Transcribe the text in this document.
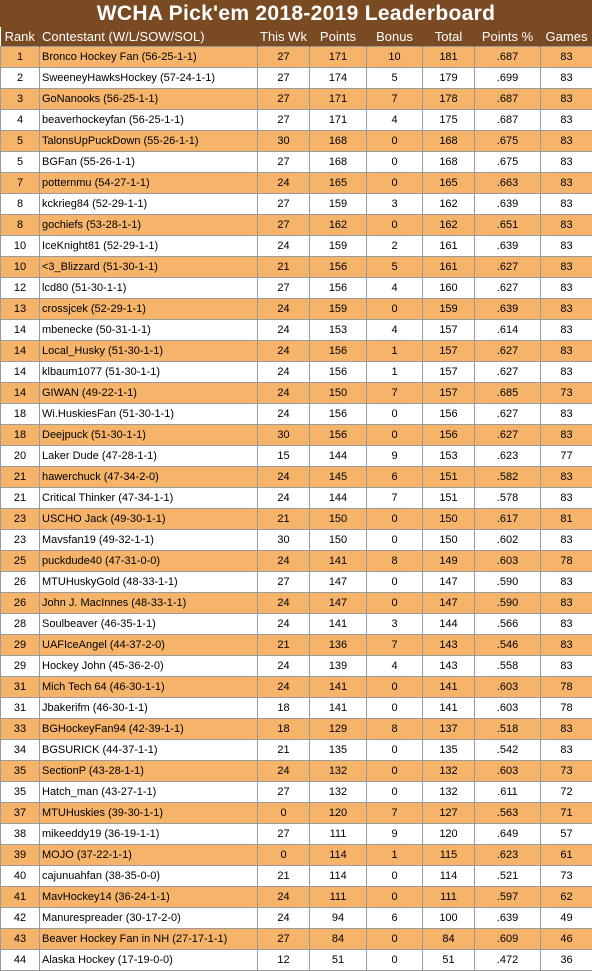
WCHA Pick'em 2018-2019 Leaderboard
Rank	Contestant (W/L/SOW/SOL)	This Wk	Points	Bonus	Total	Points %	Games
1	Bronco Hockey Fan (56-25-1-1)	27	171	10	181	.687	83
2	SweeneyHawksHockey (57-24-1-1)	27	174	5	179	.699	83
3	GoNanooks (56-25-1-1)	27	171	7	178	.687	83
4	beaverhockeyfan (56-25-1-1)	27	171	4	175	.687	83
5	TalonsUpPuckDown (55-26-1-1)	30	168	0	168	.675	83
5	BGFan (55-26-1-1)	27	168	0	168	.675	83
7	potternmu (54-27-1-1)	24	165	0	165	.663	83
8	kckrieg84 (52-29-1-1)	27	159	3	162	.639	83
8	gochiefs (53-28-1-1)	27	162	0	162	.651	83
10	IceKnight81 (52-29-1-1)	24	159	2	161	.639	83
10	<3_Blizzard (51-30-1-1)	21	156	5	161	.627	83
12	lcd80 (51-30-1-1)	27	156	4	160	.627	83
13	crossjcek (52-29-1-1)	24	159	0	159	.639	83
14	mbenecke (50-31-1-1)	24	153	4	157	.614	83
14	Local_Husky (51-30-1-1)	24	156	1	157	.627	83
14	klbaum1077 (51-30-1-1)	24	156	1	157	.627	83
14	GIWAN (49-22-1-1)	24	150	7	157	.685	73
18	Wi.HuskiesFan (51-30-1-1)	24	156	0	156	.627	83
18	Deejpuck (51-30-1-1)	30	156	0	156	.627	83
20	Laker Dude (47-28-1-1)	15	144	9	153	.623	77
21	hawerchuck (47-34-2-0)	24	145	6	151	.582	83
21	Critical Thinker (47-34-1-1)	24	144	7	151	.578	83
23	USCHO Jack (49-30-1-1)	21	150	0	150	.617	81
23	Mavsfan19 (49-32-1-1)	30	150	0	150	.602	83
25	puckdude40 (47-31-0-0)	24	141	8	149	.603	78
26	MTUHuskyGold (48-33-1-1)	27	147	0	147	.590	83
26	John J. MacInnes (48-33-1-1)	24	147	0	147	.590	83
28	Soulbeaver (46-35-1-1)	24	141	3	144	.566	83
29	UAFIceAngel (44-37-2-0)	21	136	7	143	.546	83
29	Hockey John (45-36-2-0)	24	139	4	143	.558	83
31	Mich Tech 64 (46-30-1-1)	24	141	0	141	.603	78
31	Jbakerifm (46-30-1-1)	18	141	0	141	.603	78
33	BGHockeyFan94 (42-39-1-1)	18	129	8	137	.518	83
34	BGSURICK (44-37-1-1)	21	135	0	135	.542	83
35	SectionP (43-28-1-1)	24	132	0	132	.603	73
35	Hatch_man (43-27-1-1)	27	132	0	132	.611	72
37	MTUHuskies (39-30-1-1)	0	120	7	127	.563	71
38	mikeeddy19 (36-19-1-1)	27	111	9	120	.649	57
39	MOJO (37-22-1-1)	0	114	1	115	.623	61
40	cajunuahfan (38-35-0-0)	21	114	0	114	.521	73
41	MavHockey14 (36-24-1-1)	24	111	0	111	.597	62
42	Manurespreader (30-17-2-0)	24	94	6	100	.639	49
43	Beaver Hockey Fan in NH (27-17-1-1)	27	84	0	84	.609	46
44	Alaska Hockey (17-19-0-0)	12	51	0	51	.472	36
